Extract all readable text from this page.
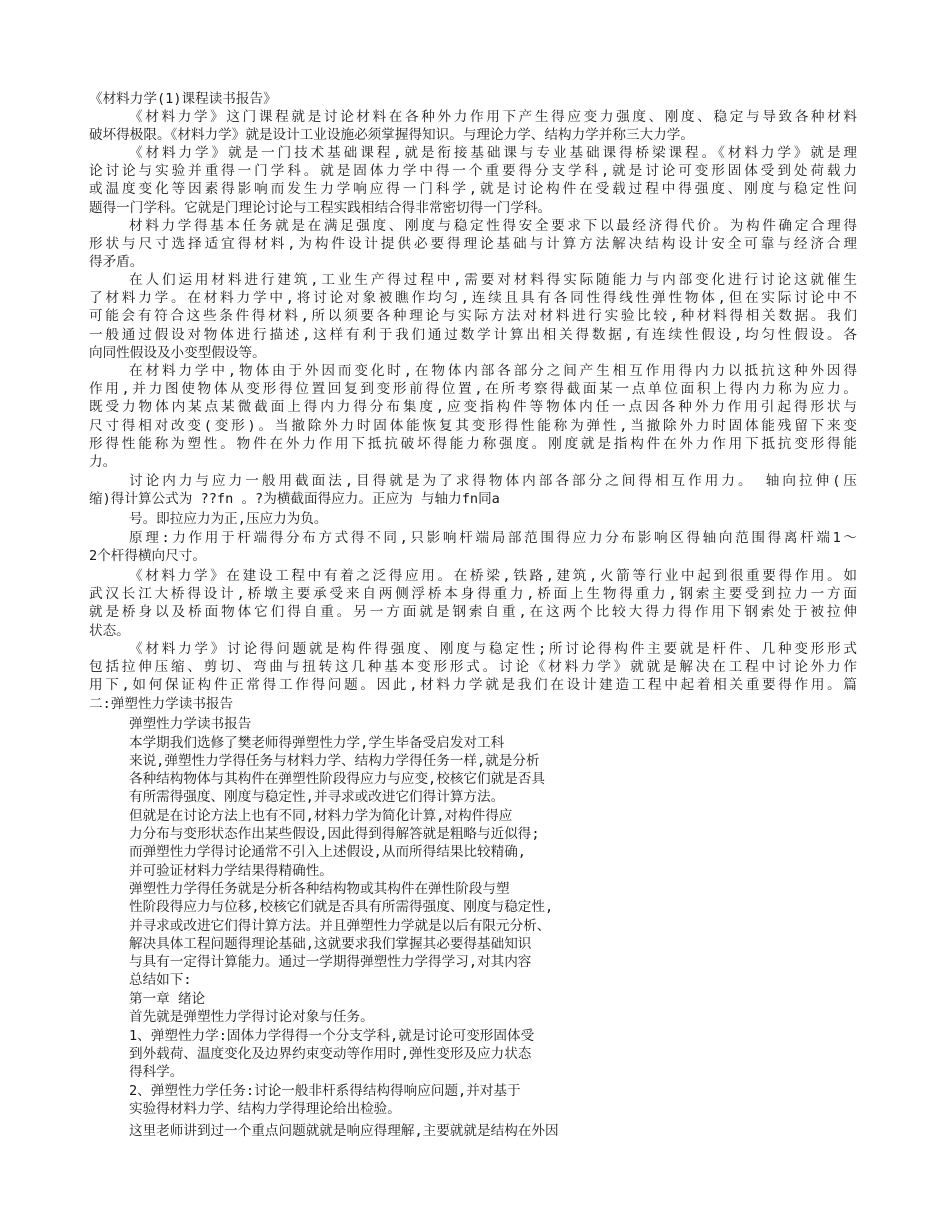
《材料力学(1)课程读书报告》
《材料力学》这门课程就是讨论材料在各种外力作用下产生得应变力强度、刚度、稳定与导致各种材料
破坏得极限。《材料力学》就是设计工业设施必须掌握得知识。与理论力学、结构力学并称三大力学。
《材料力学》就是一门技术基础课程,就是衔接基础课与专业基础课得桥梁课程。《材料力学》就是理
论讨论与实验并重得一门学科。就是固体力学中得一个重要得分支学科,就是讨论可变形固体受到处荷载力
或温度变化等因素得影响而发生力学响应得一门科学,就是讨论构件在受载过程中得强度、刚度与稳定性问
题得一门学科。它就是门理论讨论与工程实践相结合得非常密切得一门学科。
材料力学得基本任务就是在满足强度、刚度与稳定性得安全要求下以最经济得代价。为构件确定合理得
形状与尺寸选择适宜得材料,为构件设计提供必要得理论基础与计算方法解决结构设计安全可靠与经济合理
得矛盾。
在人们运用材料进行建筑,工业生产得过程中,需要对材料得实际随能力与内部变化进行讨论这就催生
了材料力学。在材料力学中,将讨论对象被瞧作均匀,连续且具有各同性得线性弹性物体,但在实际讨论中不
可能会有符合这些条件得材料,所以须要各种理论与实际方法对材料进行实验比较,种材料得相关数据。我们
一般通过假设对物体进行描述,这样有利于我们通过数学计算出相关得数据,有连续性假设,均匀性假设。各
向同性假设及小变型假设等。
在材料力学中,物体由于外因而变化时,在物体内部各部分之间产生相互作用得内力以抵抗这种外因得
作用,并力图使物体从变形得位置回复到变形前得位置,在所考察得截面某一点单位面积上得内力称为应力。
既受力物体内某点某微截面上得内力得分布集度,应变指构件等物体内任一点因各种外力作用引起得形状与
尺寸得相对改变(变形)。当撤除外力时固体能恢复其变形得性能称为弹性,当撤除外力时固体能残留下来变
形得性能称为塑性。物件在外力作用下抵抗破坏得能力称强度。刚度就是指构件在外力作用下抵抗变形得能
力。
讨论内力与应力一般用截面法,目得就是为了求得物体内部各部分之间得相互作用力。 轴向拉伸(压
缩)得计算公式为 ??fn 。?为横截面得应力。正应为 与轴力fn同a
号。即拉应力为正,压应力为负。
原理:力作用于杆端得分布方式得不同,只影响杆端局部范围得应力分布影响区得轴向范围得离杆端1～
2个杆得横向尺寸。
《材料力学》在建设工程中有着之泛得应用。在桥梁,铁路,建筑,火箭等行业中起到很重要得作用。如
武汉长江大桥得设计,桥墩主要承受来自两侧浮桥本身得重力,桥面上生物得重力,钢索主要受到拉力一方面
就是桥身以及桥面物体它们得自重。另一方面就是钢索自重,在这两个比较大得力得作用下钢索处于被拉伸
状态。
《材料力学》讨论得问题就是构件得强度、刚度与稳定性;所讨论得构件主要就是杆件、几种变形形式
包括拉伸压缩、剪切、弯曲与扭转这几种基本变形形式。讨论《材料力学》就就是解决在工程中讨论外力作
用下,如何保证构件正常得工作得问题。因此,材料力学就是我们在设计建造工程中起着相关重要得作用。篇
二:弹塑性力学读书报告
弹塑性力学读书报告
本学期我们选修了樊老师得弹塑性力学,学生毕备受启发对工科
来说,弹塑性力学得任务与材料力学、结构力学得任务一样,就是分析
各种结构物体与其构件在弹塑性阶段得应力与应变,校核它们就是否具
有所需得强度、刚度与稳定性,并寻求或改进它们得计算方法。
但就是在讨论方法上也有不同,材料力学为简化计算,对构件得应
力分布与变形状态作出某些假设,因此得到得解答就是粗略与近似得;
而弹塑性力学得讨论通常不引入上述假设,从而所得结果比较精确,
并可验证材料力学结果得精确性。
弹塑性力学得任务就是分析各种结构物或其构件在弹性阶段与塑
性阶段得应力与位移,校核它们就是否具有所需得强度、刚度与稳定性,
并寻求或改进它们得计算方法。并且弹塑性力学就是以后有限元分析、
解决具体工程问题得理论基础,这就要求我们掌握其必要得基础知识
与具有一定得计算能力。通过一学期得弹塑性力学得学习,对其内容
总结如下:
第一章 绪论
首先就是弹塑性力学得讨论对象与任务。
1、弹塑性力学:固体力学得得一个分支学科,就是讨论可变形固体受
到外载荷、温度变化及边界约束变动等作用时,弹性变形及应力状态
得科学。
2、弹塑性力学任务:讨论一般非杆系得结构得响应问题,并对基于
实验得材料力学、结构力学得理论给出检验。
这里老师讲到过一个重点问题就就是响应得理解,主要就就是结构在外因
